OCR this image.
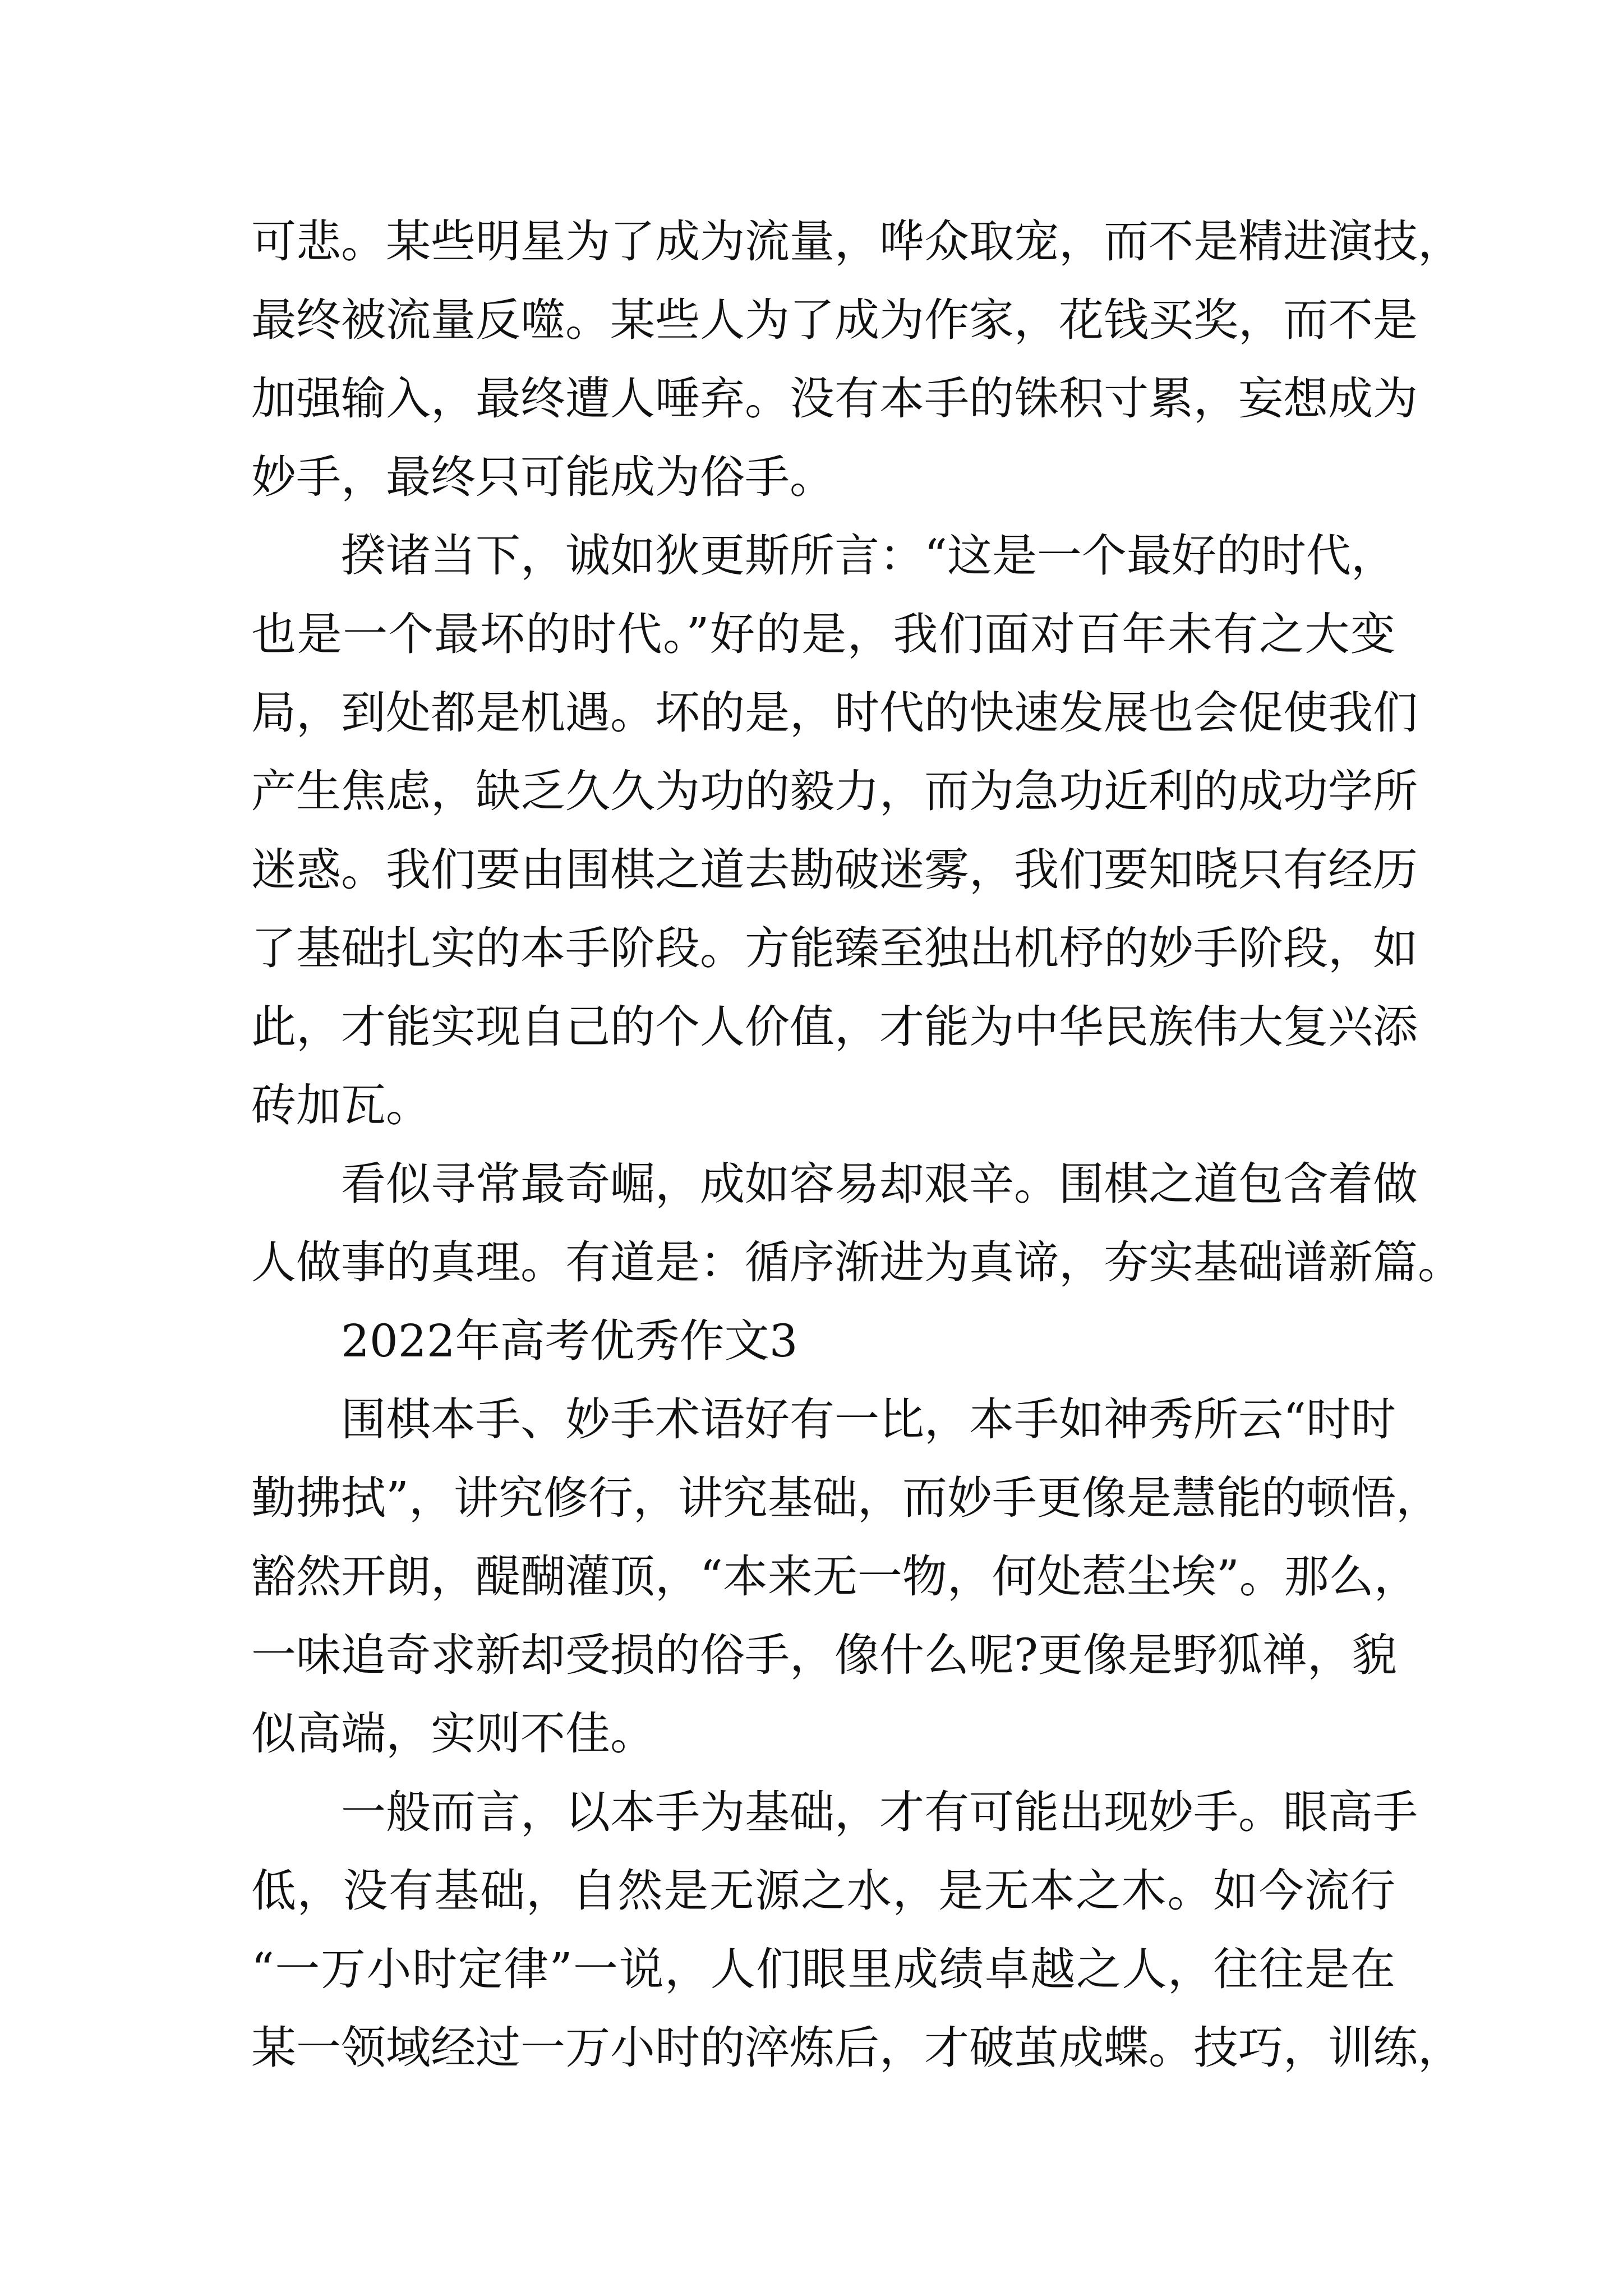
可悲。某些明星为了成为流量，哗众取宠，而不是精进演技，
最终被流量反噬。某些人为了成为作家，花钱买奖，而不是
加强输入，最终遭人唾弃。没有本手的铢积寸累，妄想成为
妙手，最终只可能成为俗手。
揆诸当下，诚如狄更斯所言：“这是一个最好的时代，
也是一个最坏的时代。”好的是，我们面对百年未有之大变
局，到处都是机遇。坏的是，时代的快速发展也会促使我们
产生焦虑，缺乏久久为功的毅力，而为急功近利的成功学所
迷惑。我们要由围棋之道去勘破迷雾，我们要知晓只有经历
了基础扎实的本手阶段。方能臻至独出机杼的妙手阶段，如
此，才能实现自己的个人价值，才能为中华民族伟大复兴添
砖加瓦。
看似寻常最奇崛，成如容易却艰辛。围棋之道包含着做
人做事的真理。有道是：循序渐进为真谛，夯实基础谱新篇。
2022年高考优秀作文3
围棋本手、妙手术语好有一比，本手如神秀所云“时时
勤拂拭”，讲究修行，讲究基础，而妙手更像是慧能的顿悟，
豁然开朗，醍醐灌顶，“本来无一物，何处惹尘埃”。那么，
一味追奇求新却受损的俗手，像什么呢?更像是野狐禅，貌
似高端，实则不佳。
一般而言，以本手为基础，才有可能出现妙手。眼高手
低，没有基础，自然是无源之水，是无本之木。如今流行
“一万小时定律”一说，人们眼里成绩卓越之人，往往是在
某一领域经过一万小时的淬炼后，才破茧成蝶。技巧，训练，
